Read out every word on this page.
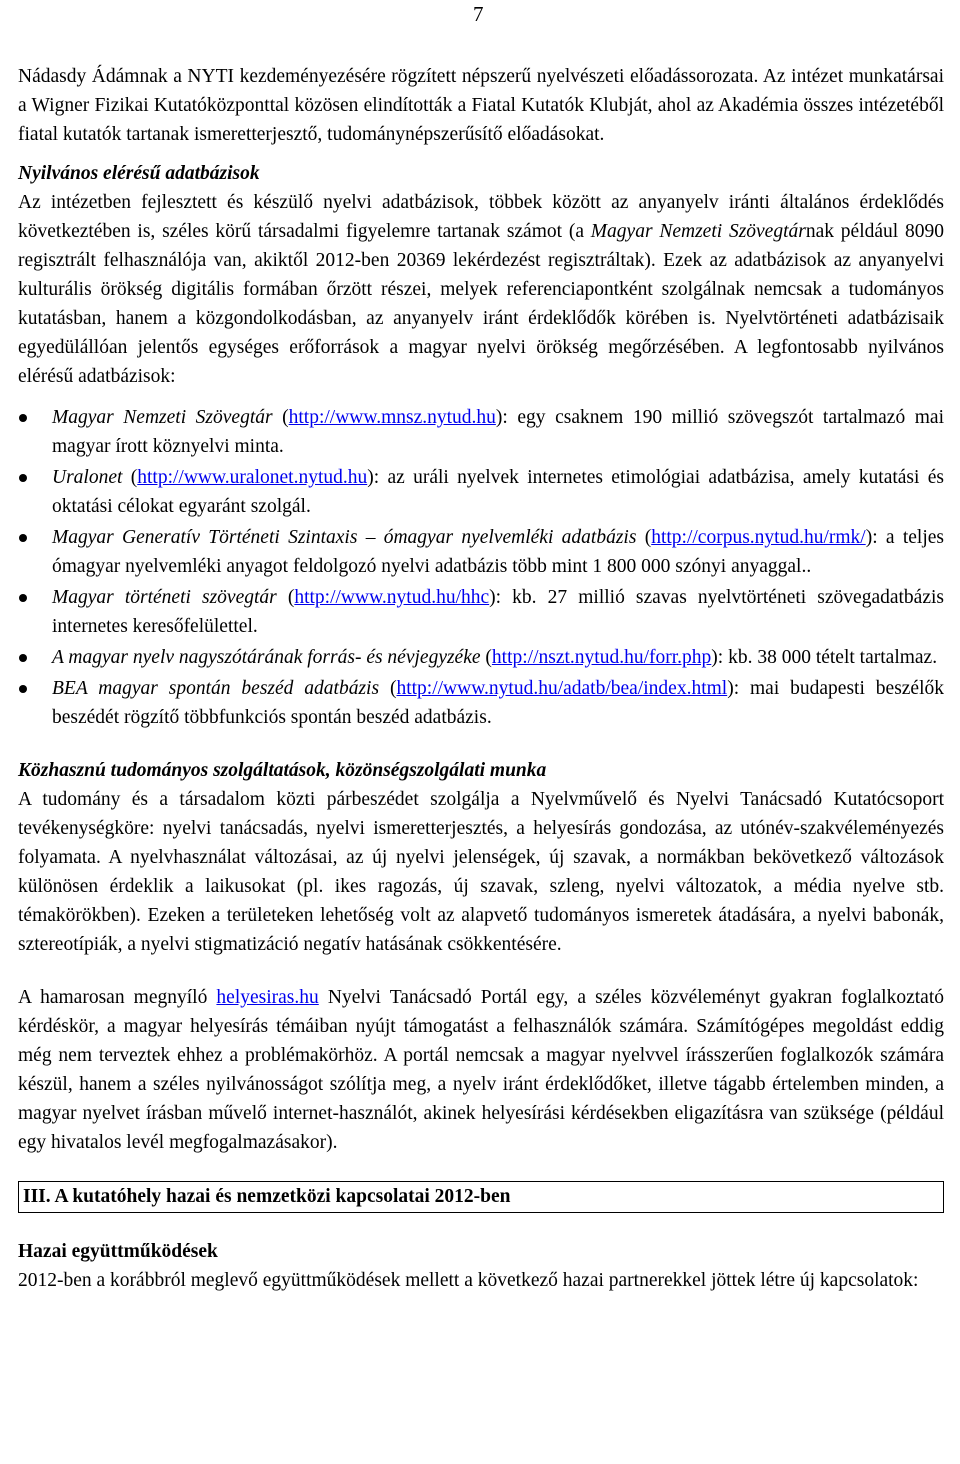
7

Nádasdy Ádámnak a NYTI kezdeményezésére rögzített népszerű nyelvészeti előadássorozata. Az intézet munkatársai a Wigner Fizikai Kutatóközponttal közösen elindították a Fiatal Kutatók Klubját, ahol az Akadémia összes intézetéből fiatal kutatók tartanak ismeretterjesztő, tudománynépszerűsítő előadásokat.

Nyilvános elérésű adatbázisok

Az intézetben fejlesztett és készülő nyelvi adatbázisok, többek között az anyanyelv iránti általános érdeklődés következtében is, széles körű társadalmi figyelemre tartanak számot (a Magyar Nemzeti Szövegtárnak például 8090 regisztrált felhasználója van, akiktől 2012-ben 20369 lekérdezést regisztráltak). Ezek az adatbázisok az anyanyelvi kulturális örökség digitális formában őrzött részei, melyek referenciapontként szolgálnak nemcsak a tudományos kutatásban, hanem a közgondolkodásban, az anyanyelv iránt érdeklődők körében is. Nyelvtörténeti adatbázisaik egyedülállóan jelentős egységes erőforrások a magyar nyelvi örökség megőrzésében. A legfontosabb nyilvános elérésű adatbázisok:

Magyar Nemzeti Szövegtár (http://www.mnsz.nytud.hu): egy csaknem 190 millió szövegszót tartalmazó mai magyar írott köznyelvi minta.
Uralonet (http://www.uralonet.nytud.hu): az uráli nyelvek internetes etimológiai adatbázisa, amely kutatási és oktatási célokat egyaránt szolgál.
Magyar Generatív Történeti Szintaxis – ómagyar nyelvemléki adatbázis (http://corpus.nytud.hu/rmk/): a teljes ómagyar nyelvemléki anyagot feldolgozó nyelvi adatbázis több mint 1 800 000 szónyi anyaggal..
Magyar történeti szövegtár (http://www.nytud.hu/hhc): kb. 27 millió szavas nyelvtörténeti szövegadatbázis internetes keresőfelülettel.
A magyar nyelv nagyszótárának forrás- és névjegyzéke (http://nszt.nytud.hu/forr.php): kb. 38 000 tételt tartalmaz.
BEA magyar spontán beszéd adatbázis (http://www.nytud.hu/adatb/bea/index.html): mai budapesti beszélők beszédét rögzítő többfunkciós spontán beszéd adatbázis.
Közhasznú tudományos szolgáltatások, közönségszolgálati munka

A tudomány és a társadalom közti párbeszédet szolgálja a Nyelvművelő és Nyelvi Tanácsadó Kutatócsoport tevékenységköre: nyelvi tanácsadás, nyelvi ismeretterjesztés, a helyesírás gondozása, az utónév-szakvéleményezés folyamata. A nyelvhasználat változásai, az új nyelvi jelenségek, új szavak, a normákban bekövetkező változások különösen érdeklik a laikusokat (pl. ikes ragozás, új szavak, szleng, nyelvi változatok, a média nyelve stb. témakörökben). Ezeken a területeken lehetőség volt az alapvető tudományos ismeretek átadására, a nyelvi babonák, sztereotípiák, a nyelvi stigmatizáció negatív hatásának csökkentésére.

A hamarosan megnyíló helyesiras.hu Nyelvi Tanácsadó Portál egy, a széles közvéleményt gyakran foglalkoztató kérdéskör, a magyar helyesírás témáiban nyújt támogatást a felhasználók számára. Számítógépes megoldást eddig még nem terveztek ehhez a problémakörhöz. A portál nemcsak a magyar nyelvvel írásszerűen foglalkozók számára készül, hanem a széles nyilvánosságot szólítja meg, a nyelv iránt érdeklődőket, illetve tágabb értelemben minden, a magyar nyelvet írásban művelő internet-használót, akinek helyesírási kérdésekben eligazításra van szüksége (például egy hivatalos levél megfogalmazásakor).

III. A kutatóhely hazai és nemzetközi kapcsolatai 2012-ben
Hazai együttműködések

2012-ben a korábbról meglevő együttműködések mellett a következő hazai partnerekkel jöttek létre új kapcsolatok:
